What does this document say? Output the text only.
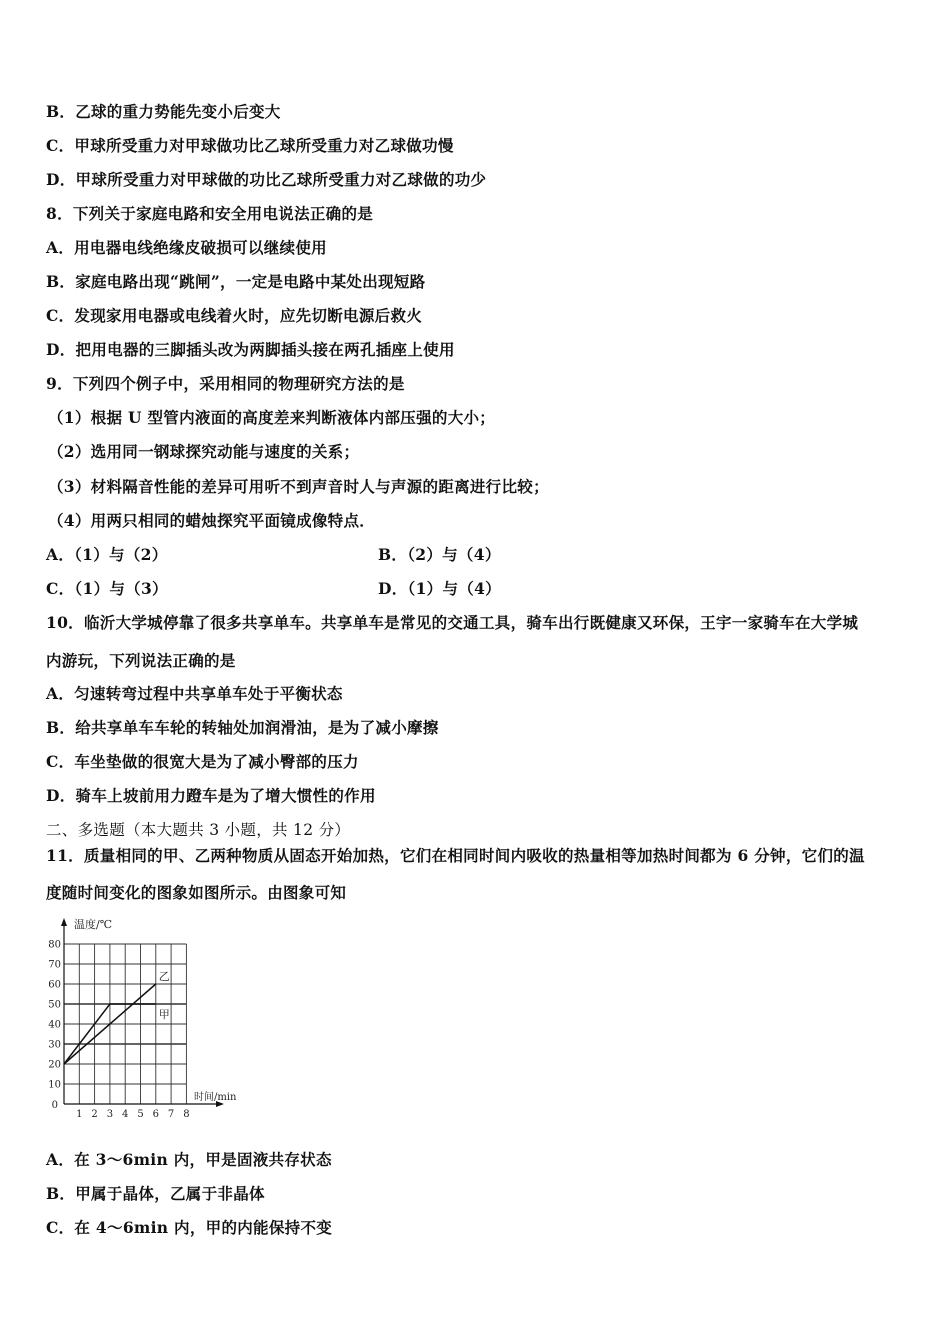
B．乙球的重力势能先变小后变大
C．甲球所受重力对甲球做功比乙球所受重力对乙球做功慢
D．甲球所受重力对甲球做的功比乙球所受重力对乙球做的功少
8．下列关于家庭电路和安全用电说法正确的是
A．用电器电线绝缘皮破损可以继续使用
B．家庭电路出现“跳闸”，一定是电路中某处出现短路
C．发现家用电器或电线着火时，应先切断电源后救火
D．把用电器的三脚插头改为两脚插头接在两孔插座上使用
9．下列四个例子中，采用相同的物理研究方法的是
（1）根据 U 型管内液面的高度差来判断液体内部压强的大小；
（2）选用同一钢球探究动能与速度的关系；
（3）材料隔音性能的差异可用听不到声音时人与声源的距离进行比较；
（4）用两只相同的蜡烛探究平面镜成像特点．
A．（1）与（2）	B．（2）与（4）
C．（1）与（3）	D．（1）与（4）
10．临沂大学城停靠了很多共享单车。共享单车是常见的交通工具，骑车出行既健康又环保，王宇一家骑车在大学城
内游玩，下列说法正确的是
A．匀速转弯过程中共享单车处于平衡状态
B．给共享单车车轮的转轴处加润滑油，是为了减小摩擦
C．车坐垫做的很宽大是为了减小臀部的压力
D．骑车上坡前用力蹬车是为了增大惯性的作用
二、多选题（本大题共 3 小题，共 12 分）
11．质量相同的甲、乙两种物质从固态开始加热，它们在相同时间内吸收的热量相等加热时间都为 6 分钟，它们的温
度随时间变化的图象如图所示。由图象可知
1 2 3 4 5 6 7 8
10
20
30
40
50
60
70
80
0
甲
乙
温度/℃
时间/min
A．在 3～6min 内，甲是固液共存状态
B．甲属于晶体，乙属于非晶体
C．在 4～6min 内，甲的内能保持不变
